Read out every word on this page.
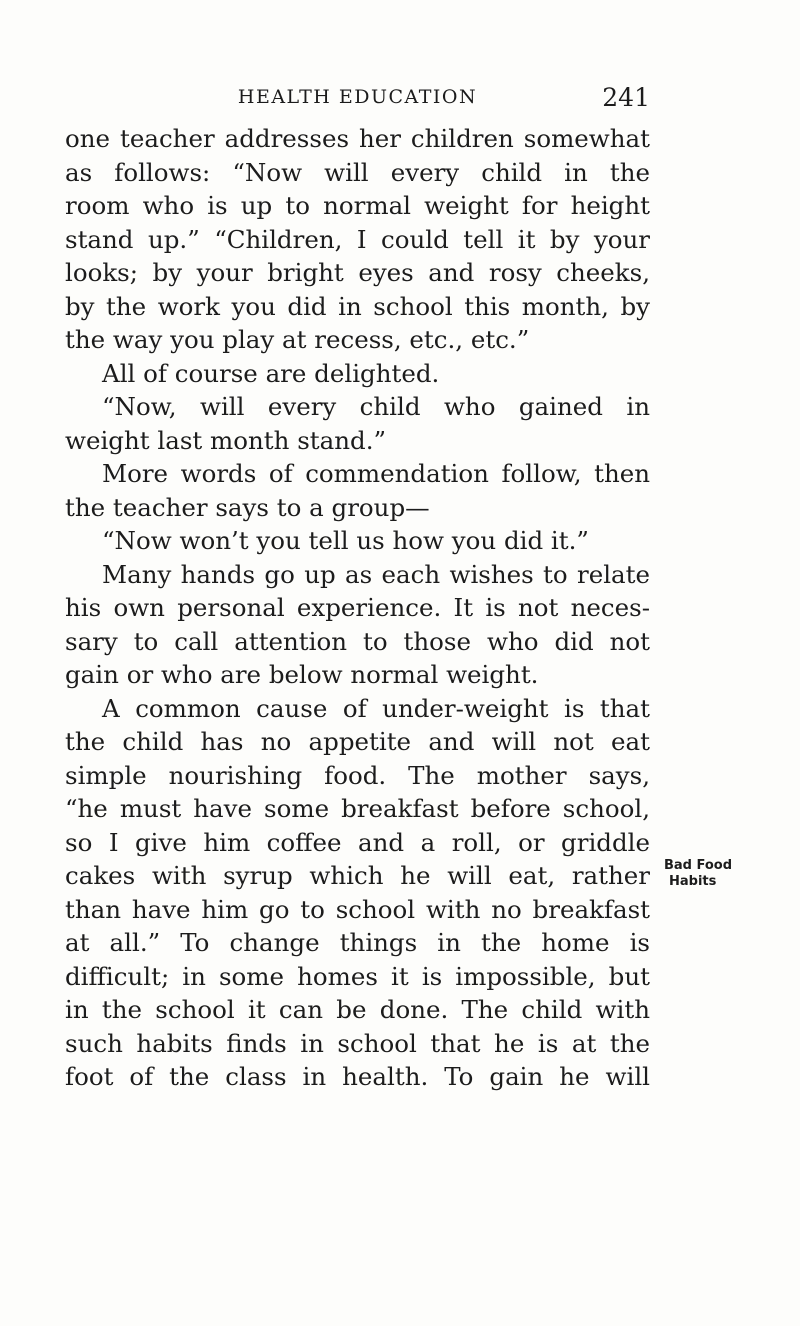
HEALTH EDUCATION	241
one teacher addresses her children somewhat
as follows: “Now will every child in the
room who is up to normal weight for height
stand up.” “Children, I could tell it by your
looks; by your bright eyes and rosy cheeks,
by the work you did in school this month, by
the way you play at recess, etc., etc.”
All of course are delighted.
“Now, will every child who gained in
weight last month stand.”
More words of commendation follow, then
the teacher says to a group—
“Now won’t you tell us how you did it.”
Many hands go up as each wishes to relate
his own personal experience. It is not neces-
sary to call attention to those who did not
gain or who are below normal weight.
A common cause of under-weight is that
the child has no appetite and will not eat
simple nourishing food. The mother says,
“he must have some breakfast before school,
so I give him coffee and a roll, or griddle
cakes with syrup which he will eat, rather
than have him go to school with no breakfast
at all.” To change things in the home is
difficult; in some homes it is impossible, but
in the school it can be done. The child with
such habits finds in school that he is at the
foot of the class in health. To gain he will
Bad Food
Habits
